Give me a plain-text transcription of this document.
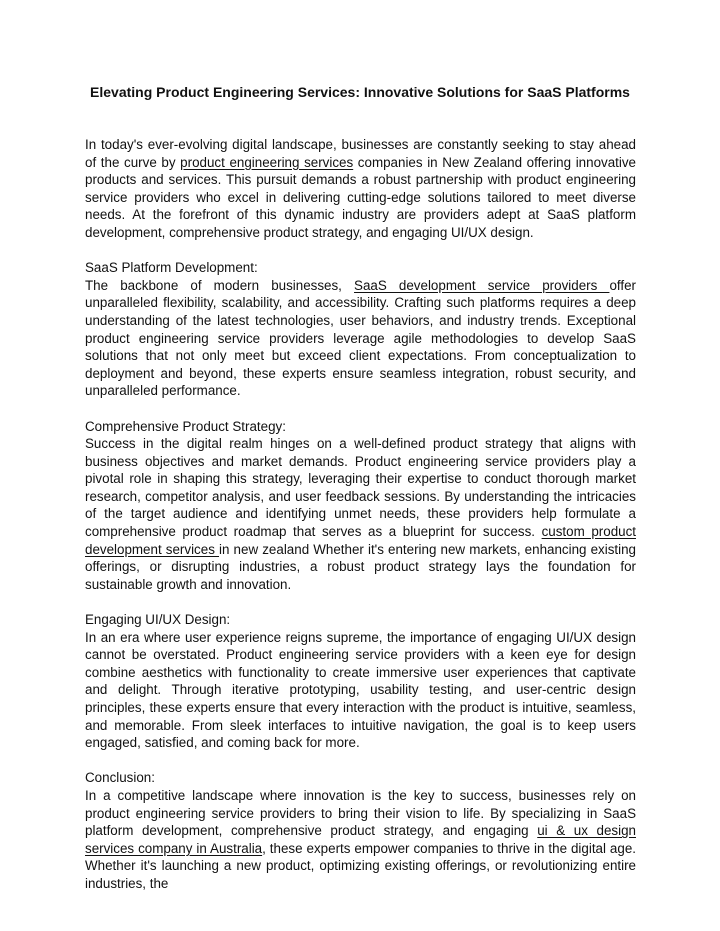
Elevating Product Engineering Services: Innovative Solutions for SaaS Platforms

In today's ever-evolving digital landscape, businesses are constantly seeking to stay ahead of the curve by product engineering services companies in New Zealand offering innovative products and services. This pursuit demands a robust partnership with product engineering service providers who excel in delivering cutting-edge solutions tailored to meet diverse needs. At the forefront of this dynamic industry are providers adept at SaaS platform development, comprehensive product strategy, and engaging UI/UX design.

SaaS Platform Development:

The backbone of modern businesses, SaaS development service providers offer unparalleled flexibility, scalability, and accessibility. Crafting such platforms requires a deep understanding of the latest technologies, user behaviors, and industry trends. Exceptional product engineering service providers leverage agile methodologies to develop SaaS solutions that not only meet but exceed client expectations. From conceptualization to deployment and beyond, these experts ensure seamless integration, robust security, and unparalleled performance.

Comprehensive Product Strategy:

Success in the digital realm hinges on a well-defined product strategy that aligns with business objectives and market demands. Product engineering service providers play a pivotal role in shaping this strategy, leveraging their expertise to conduct thorough market research, competitor analysis, and user feedback sessions. By understanding the intricacies of the target audience and identifying unmet needs, these providers help formulate a comprehensive product roadmap that serves as a blueprint for success. custom product development services in new zealand Whether it's entering new markets, enhancing existing offerings, or disrupting industries, a robust product strategy lays the foundation for sustainable growth and innovation.

Engaging UI/UX Design:

In an era where user experience reigns supreme, the importance of engaging UI/UX design cannot be overstated. Product engineering service providers with a keen eye for design combine aesthetics with functionality to create immersive user experiences that captivate and delight. Through iterative prototyping, usability testing, and user-centric design principles, these experts ensure that every interaction with the product is intuitive, seamless, and memorable. From sleek interfaces to intuitive navigation, the goal is to keep users engaged, satisfied, and coming back for more.

Conclusion:

In a competitive landscape where innovation is the key to success, businesses rely on product engineering service providers to bring their vision to life. By specializing in SaaS platform development, comprehensive product strategy, and engaging ui & ux design services company in Australia, these experts empower companies to thrive in the digital age. Whether it's launching a new product, optimizing existing offerings, or revolutionizing entire industries, the
